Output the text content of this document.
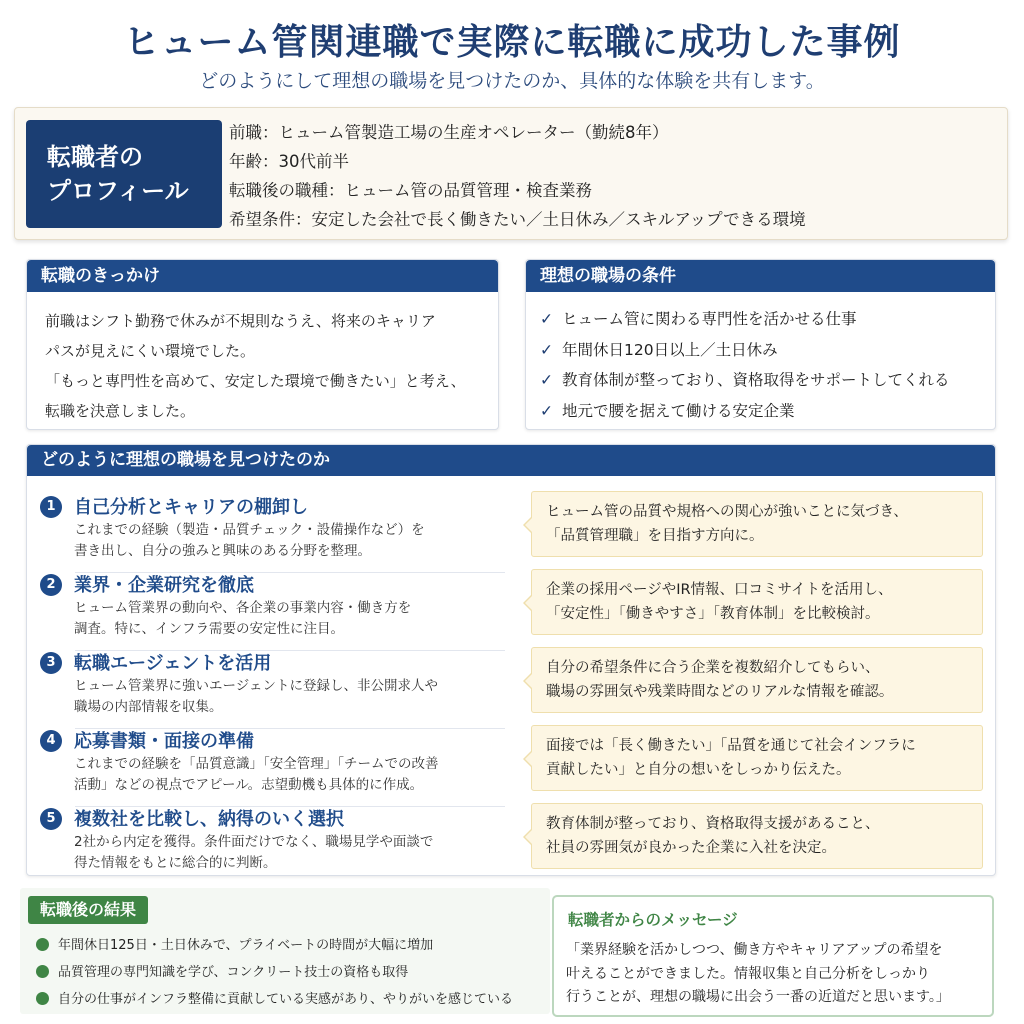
ヒューム管関連職で実際に転職に成功した事例
どのようにして理想の職場を見つけたのか、具体的な体験を共有します。
転職者の
プロフィール
前職：ヒューム管製造工場の生産オペレーター（勤続8年）
年齢：30代前半
転職後の職種：ヒューム管の品質管理・検査業務
希望条件：安定した会社で長く働きたい／土日休み／スキルアップできる環境
転職のきっかけ
前職はシフト勤務で休みが不規則なうえ、将来のキャリア
パスが見えにくい環境でした。
「もっと専門性を高めて、安定した環境で働きたい」と考え、
転職を決意しました。
理想の職場の条件
✓ ヒューム管に関わる専門性を活かせる仕事
✓ 年間休日120日以上／土日休み
✓ 教育体制が整っており、資格取得をサポートしてくれる
✓ 地元で腰を据えて働ける安定企業
どのように理想の職場を見つけたのか
1	自己分析とキャリアの棚卸し
これまでの経験（製造・品質チェック・設備操作など）を
書き出し、自分の強みと興味のある分野を整理。
ヒューム管の品質や規格への関心が強いことに気づき、
「品質管理職」を目指す方向に。
2	業界・企業研究を徹底
ヒューム管業界の動向や、各企業の事業内容・働き方を
調査。特に、インフラ需要の安定性に注目。
企業の採用ページやIR情報、口コミサイトを活用し、
「安定性」「働きやすさ」「教育体制」を比較検討。
3	転職エージェントを活用
ヒューム管業界に強いエージェントに登録し、非公開求人や
職場の内部情報を収集。
自分の希望条件に合う企業を複数紹介してもらい、
職場の雰囲気や残業時間などのリアルな情報を確認。
4	応募書類・面接の準備
これまでの経験を「品質意識」「安全管理」「チームでの改善
活動」などの視点でアピール。志望動機も具体的に作成。
面接では「長く働きたい」「品質を通じて社会インフラに
貢献したい」と自分の想いをしっかり伝えた。
5	複数社を比較し、納得のいく選択
2社から内定を獲得。条件面だけでなく、職場見学や面談で
得た情報をもとに総合的に判断。
教育体制が整っており、資格取得支援があること、
社員の雰囲気が良かった企業に入社を決定。
転職後の結果
年間休日125日・土日休みで、プライベートの時間が大幅に増加
品質管理の専門知識を学び、コンクリート技士の資格も取得
自分の仕事がインフラ整備に貢献している実感があり、やりがいを感じている
転職者からのメッセージ
「業界経験を活かしつつ、働き方やキャリアアップの希望を
叶えることができました。情報収集と自己分析をしっかり
行うことが、理想の職場に出会う一番の近道だと思います。」
